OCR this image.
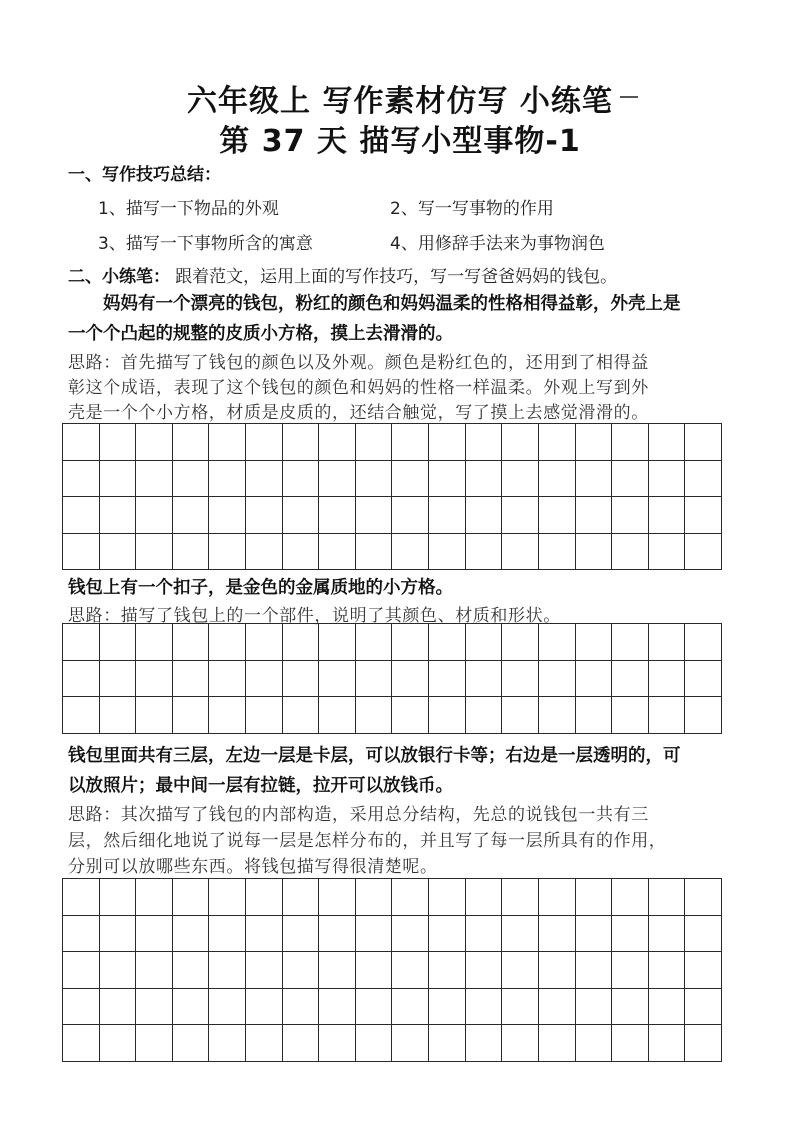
六年级上 写作素材仿写 小练笔
第 37 天 描写小型事物-1
一、写作技巧总结：
1、描写一下物品的外观	2、写一写事物的作用
3、描写一下事物所含的寓意	4、用修辞手法来为事物润色
二、小练笔： 跟着范文，运用上面的写作技巧，写一写爸爸妈妈的钱包。
　　妈妈有一个漂亮的钱包，粉红的颜色和妈妈温柔的性格相得益彰，外壳上是
一个个凸起的规整的皮质小方格，摸上去滑滑的。
思路：首先描写了钱包的颜色以及外观。颜色是粉红色的，还用到了相得益
彰这个成语，表现了这个钱包的颜色和妈妈的性格一样温柔。外观上写到外
壳是一个个小方格，材质是皮质的，还结合触觉，写了摸上去感觉滑滑的。
钱包上有一个扣子，是金色的金属质地的小方格。
思路：描写了钱包上的一个部件，说明了其颜色、材质和形状。
钱包里面共有三层，左边一层是卡层，可以放银行卡等；右边是一层透明的，可
以放照片；最中间一层有拉链，拉开可以放钱币。
思路：其次描写了钱包的内部构造，采用总分结构，先总的说钱包一共有三
层，然后细化地说了说每一层是怎样分布的，并且写了每一层所具有的作用，
分别可以放哪些东西。将钱包描写得很清楚呢。
